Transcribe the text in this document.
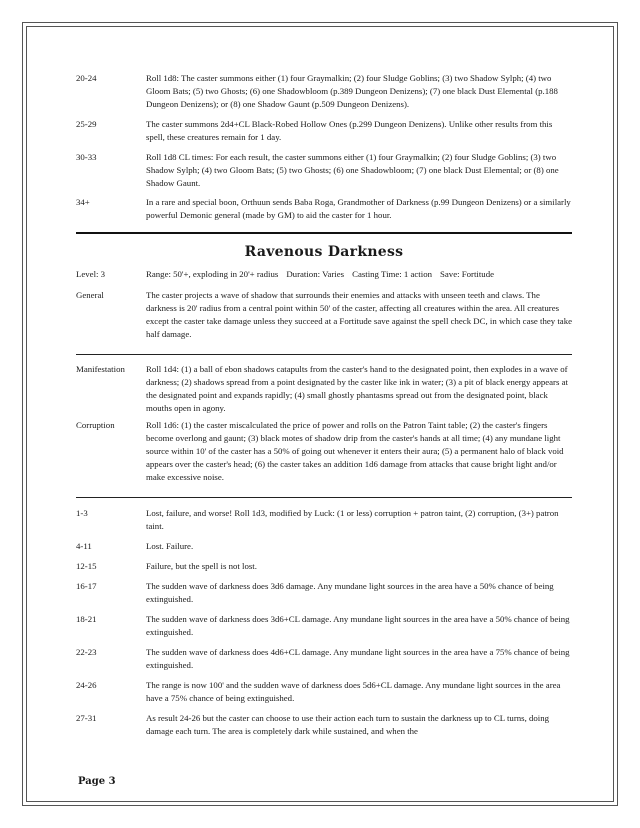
20-24	Roll 1d8: The caster summons either (1) four Graymalkin; (2) four Sludge Goblins; (3) two Shadow Sylph; (4) two Gloom Bats; (5) two Ghosts; (6) one Shadowbloom (p.389 Dungeon Denizens); (7) one black Dust Elemental (p.188 Dungeon Denizens); or (8) one Shadow Gaunt (p.509 Dungeon Denizens).
25-29	The caster summons 2d4+CL Black-Robed Hollow Ones (p.299 Dungeon Denizens). Unlike other results from this spell, these creatures remain for 1 day.
30-33	Roll 1d8 CL times: For each result, the caster summons either (1) four Graymalkin; (2) four Sludge Goblins; (3) two Shadow Sylph; (4) two Gloom Bats; (5) two Ghosts; (6) one Shadowbloom; (7) one black Dust Elemental; or (8) one Shadow Gaunt.
34+	In a rare and special boon, Orthuun sends Baba Roga, Grandmother of Darkness (p.99 Dungeon Denizens) or a similarly powerful Demonic general (made by GM) to aid the caster for 1 hour.
Ravenous Darkness
Level: 3	Range: 50'+, exploding in 20'+ radius Duration: Varies Casting Time: 1 action Save: Fortitude
General	The caster projects a wave of shadow that surrounds their enemies and attacks with unseen teeth and claws. The darkness is 20' radius from a central point within 50' of the caster, affecting all creatures within the area. All creatures except the caster take damage unless they succeed at a Fortitude save against the spell check DC, in which case they take half damage.
Manifestation	Roll 1d4: (1) a ball of ebon shadows catapults from the caster's hand to the designated point, then explodes in a wave of darkness; (2) shadows spread from a point designated by the caster like ink in water; (3) a pit of black energy appears at the designated point and expands rapidly; (4) small ghostly phantasms spread out from the designated point, black mouths open in agony.
Corruption	Roll 1d6: (1) the caster miscalculated the price of power and rolls on the Patron Taint table; (2) the caster's fingers become overlong and gaunt; (3) black motes of shadow drip from the caster's hands at all time; (4) any mundane light source within 10' of the caster has a 50% of going out whenever it enters their aura; (5) a permanent halo of black void appears over the caster's head; (6) the caster takes an addition 1d6 damage from attacks that cause bright light and/or make excessive noise.
1-3	Lost, failure, and worse! Roll 1d3, modified by Luck: (1 or less) corruption + patron taint, (2) corruption, (3+) patron taint.
4-11	Lost. Failure.
12-15	Failure, but the spell is not lost.
16-17	The sudden wave of darkness does 3d6 damage. Any mundane light sources in the area have a 50% chance of being extinguished.
18-21	The sudden wave of darkness does 3d6+CL damage. Any mundane light sources in the area have a 50% chance of being extinguished.
22-23	The sudden wave of darkness does 4d6+CL damage. Any mundane light sources in the area have a 75% chance of being extinguished.
24-26	The range is now 100' and the sudden wave of darkness does 5d6+CL damage. Any mundane light sources in the area have a 75% chance of being extinguished.
27-31	As result 24-26 but the caster can choose to use their action each turn to sustain the darkness up to CL turns, doing damage each turn. The area is completely dark while sustained, and when the
Page 3
